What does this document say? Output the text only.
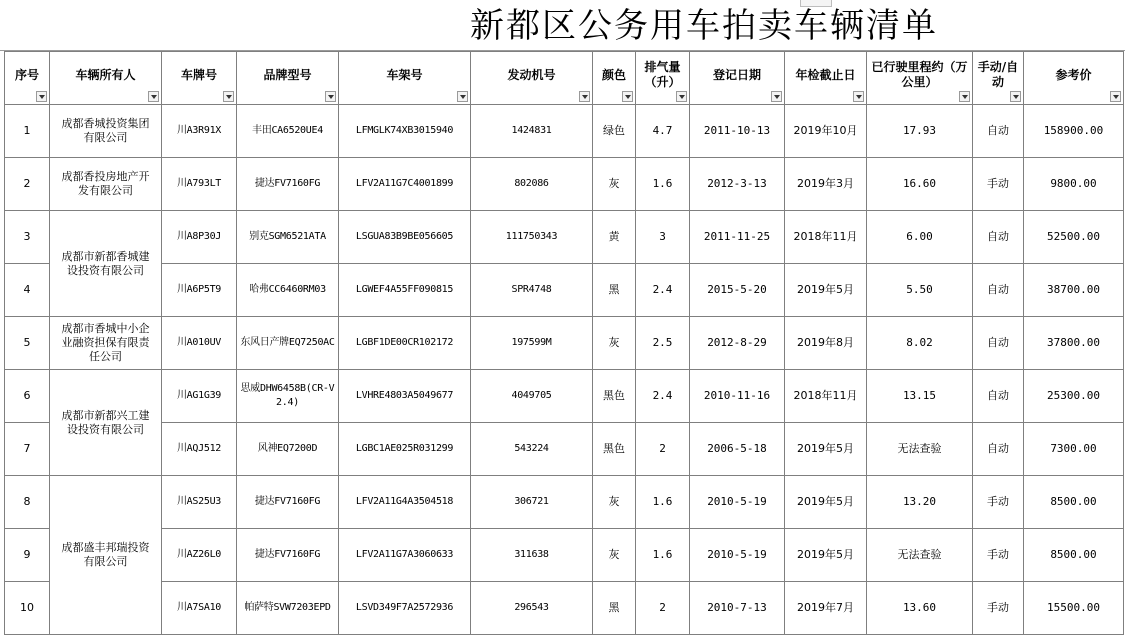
新都区公务用车拍卖车辆清单
序号	车辆所有人	车牌号	品牌型号	车架号	发动机号	颜色	排气量（升）	登记日期	年检截止日	已行驶里程约（万公里）	手动/自动	参考价

1	成都香城投资集团有限公司	川A3R91X	丰田CA6520UE4	LFMGLK74XB3015940	1424831	绿色	4.7	2011-10-13	2019年10月	17.93	自动	158900.00
2	成都香投房地产开发有限公司	川A793LT	捷达FV7160FG	LFV2A11G7C4001899	802086	灰	1.6	2012-3-13	2019年3月	16.60	手动	9800.00
3	成都市新都香城建设投资有限公司	川A8P30J	别克SGM6521ATA	LSGUA83B9BE056605	111750343	黄	3	2011-11-25	2018年11月	6.00	自动	52500.00
4		川A6P5T9	哈弗CC6460RM03	LGWEF4A55FF090815	SPR4748	黑	2.4	2015-5-20	2019年5月	5.50	自动	38700.00
5	成都市香城中小企业融资担保有限责任公司	川A010UV	东风日产牌EQ7250AC	LGBF1DE00CR102172	197599M	灰	2.5	2012-8-29	2019年8月	8.02	自动	37800.00
6	成都市新都兴工建设投资有限公司	川AG1G39	思威DHW6458B(CR-V 2.4)	LVHRE4803A5049677	4049705	黑色	2.4	2010-11-16	2018年11月	13.15	自动	25300.00
7		川AQJ512	风神EQ7200D	LGBC1AE025R031299	543224	黑色	2	2006-5-18	2019年5月	无法查验	自动	7300.00
8	成都盛丰邦瑞投资有限公司	川AS25U3	捷达FV7160FG	LFV2A11G4A3504518	306721	灰	1.6	2010-5-19	2019年5月	13.20	手动	8500.00
9		川AZ26L0	捷达FV7160FG	LFV2A11G7A3060633	311638	灰	1.6	2010-5-19	2019年5月	无法查验	手动	8500.00
10		川A7SA10	帕萨特SVW7203EPD	LSVD349F7A2572936	296543	黑	2	2010-7-13	2019年7月	13.60	手动	15500.00
